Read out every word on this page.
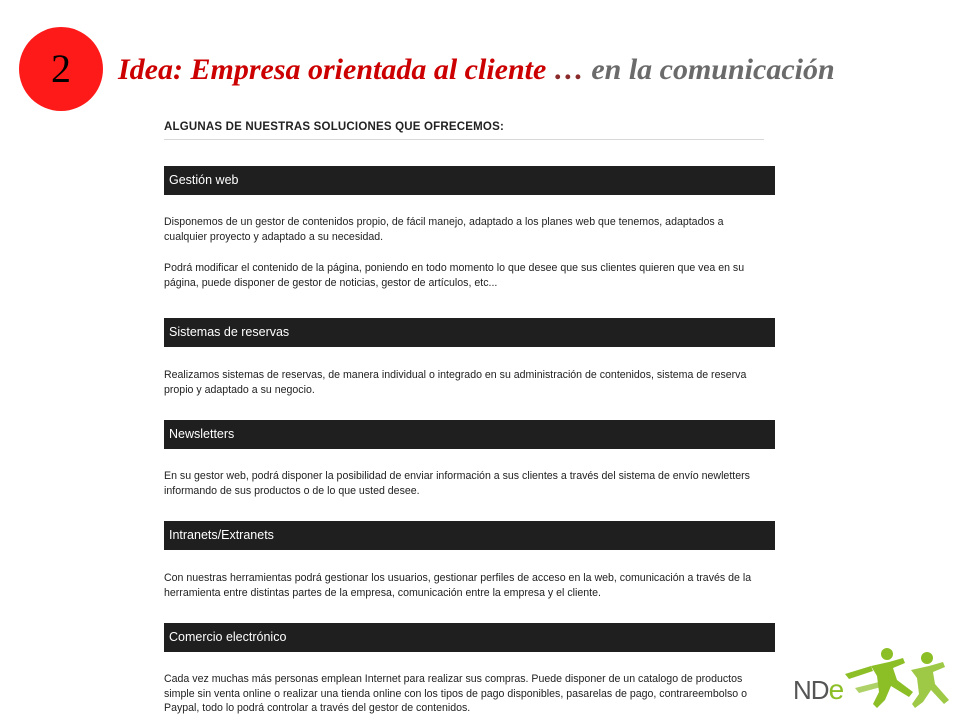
2 Idea: Empresa orientada al cliente … en la comunicación
ALGUNAS DE NUESTRAS SOLUCIONES QUE OFRECEMOS:
Gestión web
Disponemos de un gestor de contenidos propio, de fácil manejo, adaptado a los planes web que tenemos, adaptados a cualquier proyecto y adaptado a su necesidad.
Podrá modificar el contenido de la página, poniendo en todo momento lo que desee que sus clientes quieren que vea en su página, puede disponer de gestor de noticias, gestor de artículos, etc...
Sistemas de reservas
Realizamos sistemas de reservas, de manera individual o integrado en su administración de contenidos, sistema de reserva propio y adaptado a su negocio.
Newsletters
En su gestor web, podrá disponer la posibilidad de enviar información a sus clientes a través del sistema de envío newletters informando de sus productos o de lo que usted desee.
Intranets/Extranets
Con nuestras herramientas podrá gestionar los usuarios, gestionar perfiles de acceso en la web, comunicación a través de la herramienta entre distintas partes de la empresa, comunicación entre la empresa y el cliente.
Comercio electrónico
Cada vez muchas más personas emplean Internet para realizar sus compras. Puede disponer de un catalogo de productos simple sin venta online o realizar una tienda online con los tipos de pago disponibles, pasarelas de pago, contrareembolso o Paypal, todo lo podrá controlar a través del gestor de contenidos.
NDe
